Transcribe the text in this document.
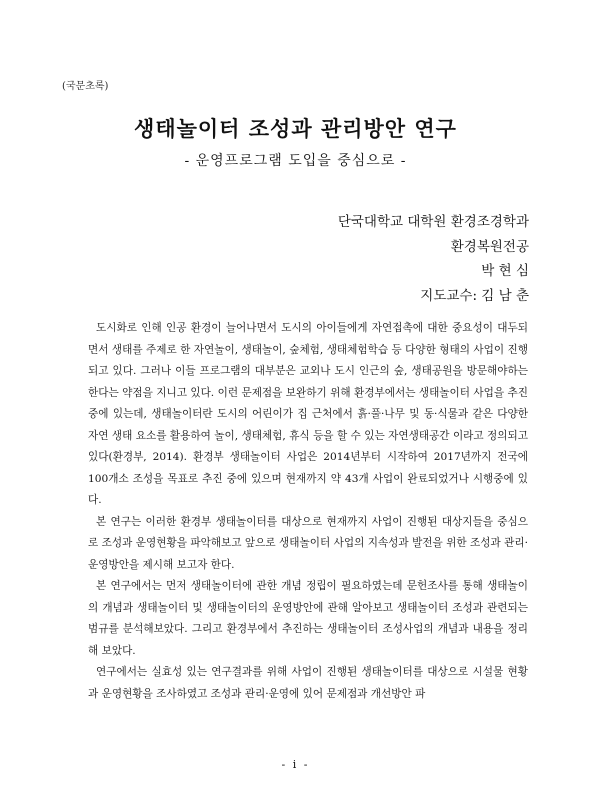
(국문초록)
생태놀이터 조성과 관리방안 연구
- 운영프로그램 도입을 중심으로 -
단국대학교 대학원 환경조경학과
환경복원전공
박 현 심
지도교수: 김 남 춘

도시화로 인해 인공 환경이 늘어나면서 도시의 아이들에게 자연접촉에 대한 중요성이 대두되면서 생태를 주제로 한 자연놀이, 생태놀이, 숲체험, 생태체험학습 등 다양한 형태의 사업이 진행되고 있다. 그러나 이들 프로그램의 대부분은 교외나 도시 인근의 숲, 생태공원을 방문해야하는 한다는 약점을 지니고 있다. 이런 문제점을 보완하기 위해 환경부에서는 생태놀이터 사업을 추진 중에 있는데, 생태놀이터란 도시의 어린이가 집 근처에서 흙·풀·나무 및 동·식물과 같은 다양한 자연 생태 요소를 활용하여 놀이, 생태체험, 휴식 등을 할 수 있는 자연생태공간 이라고 정의되고 있다(환경부, 2014). 환경부 생태놀이터 사업은 2014년부터 시작하여 2017년까지 전국에 100개소 조성을 목표로 추진 중에 있으며 현재까지 약 43개 사업이 완료되었거나 시행중에 있다.

본 연구는 이러한 환경부 생태놀이터를 대상으로 현재까지 사업이 진행된 대상지들을 중심으로 조성과 운영현황을 파악해보고 앞으로 생태놀이터 사업의 지속성과 발전을 위한 조성과 관리·운영방안을 제시해 보고자 한다.

본 연구에서는 먼저 생태놀이터에 관한 개념 정립이 필요하였는데 문헌조사를 통해 생태놀이의 개념과 생태놀이터 및 생태놀이터의 운영방안에 관해 알아보고 생태놀이터 조성과 관련되는 범규를 분석해보았다. 그리고 환경부에서 추진하는 생태놀이터 조성사업의 개념과 내용을 정리해 보았다.

연구에서는 실효성 있는 연구결과를 위해 사업이 진행된 생태놀이터를 대상으로 시설물 현황과 운영현황을 조사하였고 조성과 관리·운영에 있어 문제점과 개선방안 파

- i -
